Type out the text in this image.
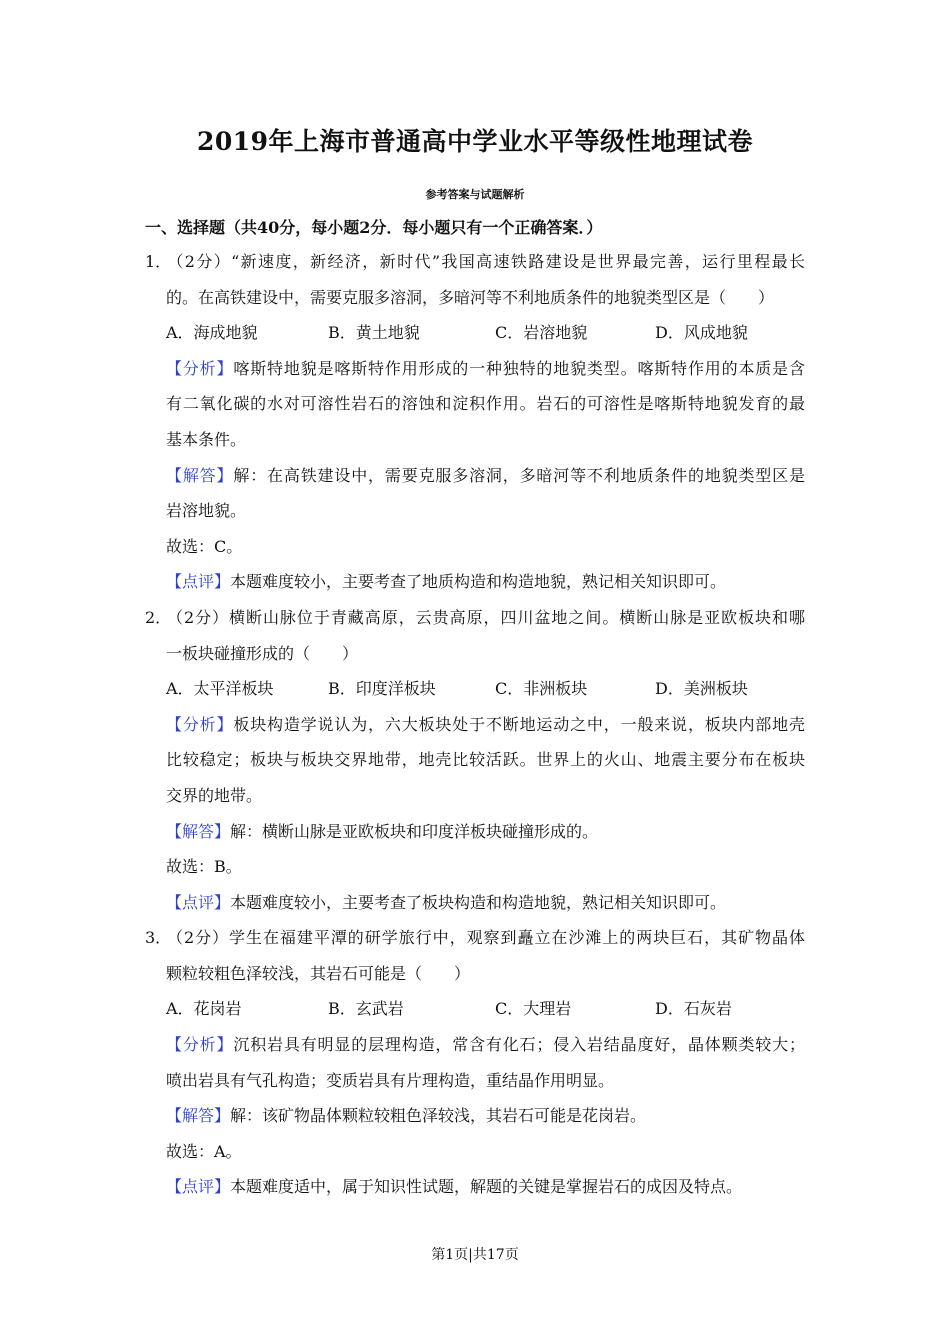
2019年上海市普通高中学业水平等级性地理试卷
参考答案与试题解析
一、选择题（共40分，每小题2分．每小题只有一个正确答案．）
1．（2分）“新速度，新经济，新时代”我国高速铁路建设是世界最完善，运行里程最长
的。在高铁建设中，需要克服多溶洞，多暗河等不利地质条件的地貌类型区是（　　）
A．海成地貌	B．黄土地貌	C．岩溶地貌	D．风成地貌
【分析】喀斯特地貌是喀斯特作用形成的一种独特的地貌类型。喀斯特作用的本质是含
有二氧化碳的水对可溶性岩石的溶蚀和淀积作用。岩石的可溶性是喀斯特地貌发育的最
基本条件。
【解答】解：在高铁建设中，需要克服多溶洞，多暗河等不利地质条件的地貌类型区是
岩溶地貌。
故选：C。
【点评】本题难度较小，主要考查了地质构造和构造地貌，熟记相关知识即可。
2．（2分）横断山脉位于青藏高原，云贵高原，四川盆地之间。横断山脉是亚欧板块和哪
一板块碰撞形成的（　　）
A．太平洋板块	B．印度洋板块	C．非洲板块	D．美洲板块
【分析】板块构造学说认为，六大板块处于不断地运动之中，一般来说，板块内部地壳
比较稳定；板块与板块交界地带，地壳比较活跃。世界上的火山、地震主要分布在板块
交界的地带。
【解答】解：横断山脉是亚欧板块和印度洋板块碰撞形成的。
故选：B。
【点评】本题难度较小，主要考查了板块构造和构造地貌，熟记相关知识即可。
3．（2分）学生在福建平潭的研学旅行中，观察到矗立在沙滩上的两块巨石，其矿物晶体
颗粒较粗色泽较浅，其岩石可能是（　　）
A．花岗岩	B．玄武岩	C．大理岩	D．石灰岩
【分析】沉积岩具有明显的层理构造，常含有化石；侵入岩结晶度好，晶体颗类较大；
喷出岩具有气孔构造；变质岩具有片理构造，重结晶作用明显。
【解答】解：该矿物晶体颗粒较粗色泽较浅，其岩石可能是花岗岩。
故选：A。
【点评】本题难度适中，属于知识性试题，解题的关键是掌握岩石的成因及特点。
第1页|共17页
